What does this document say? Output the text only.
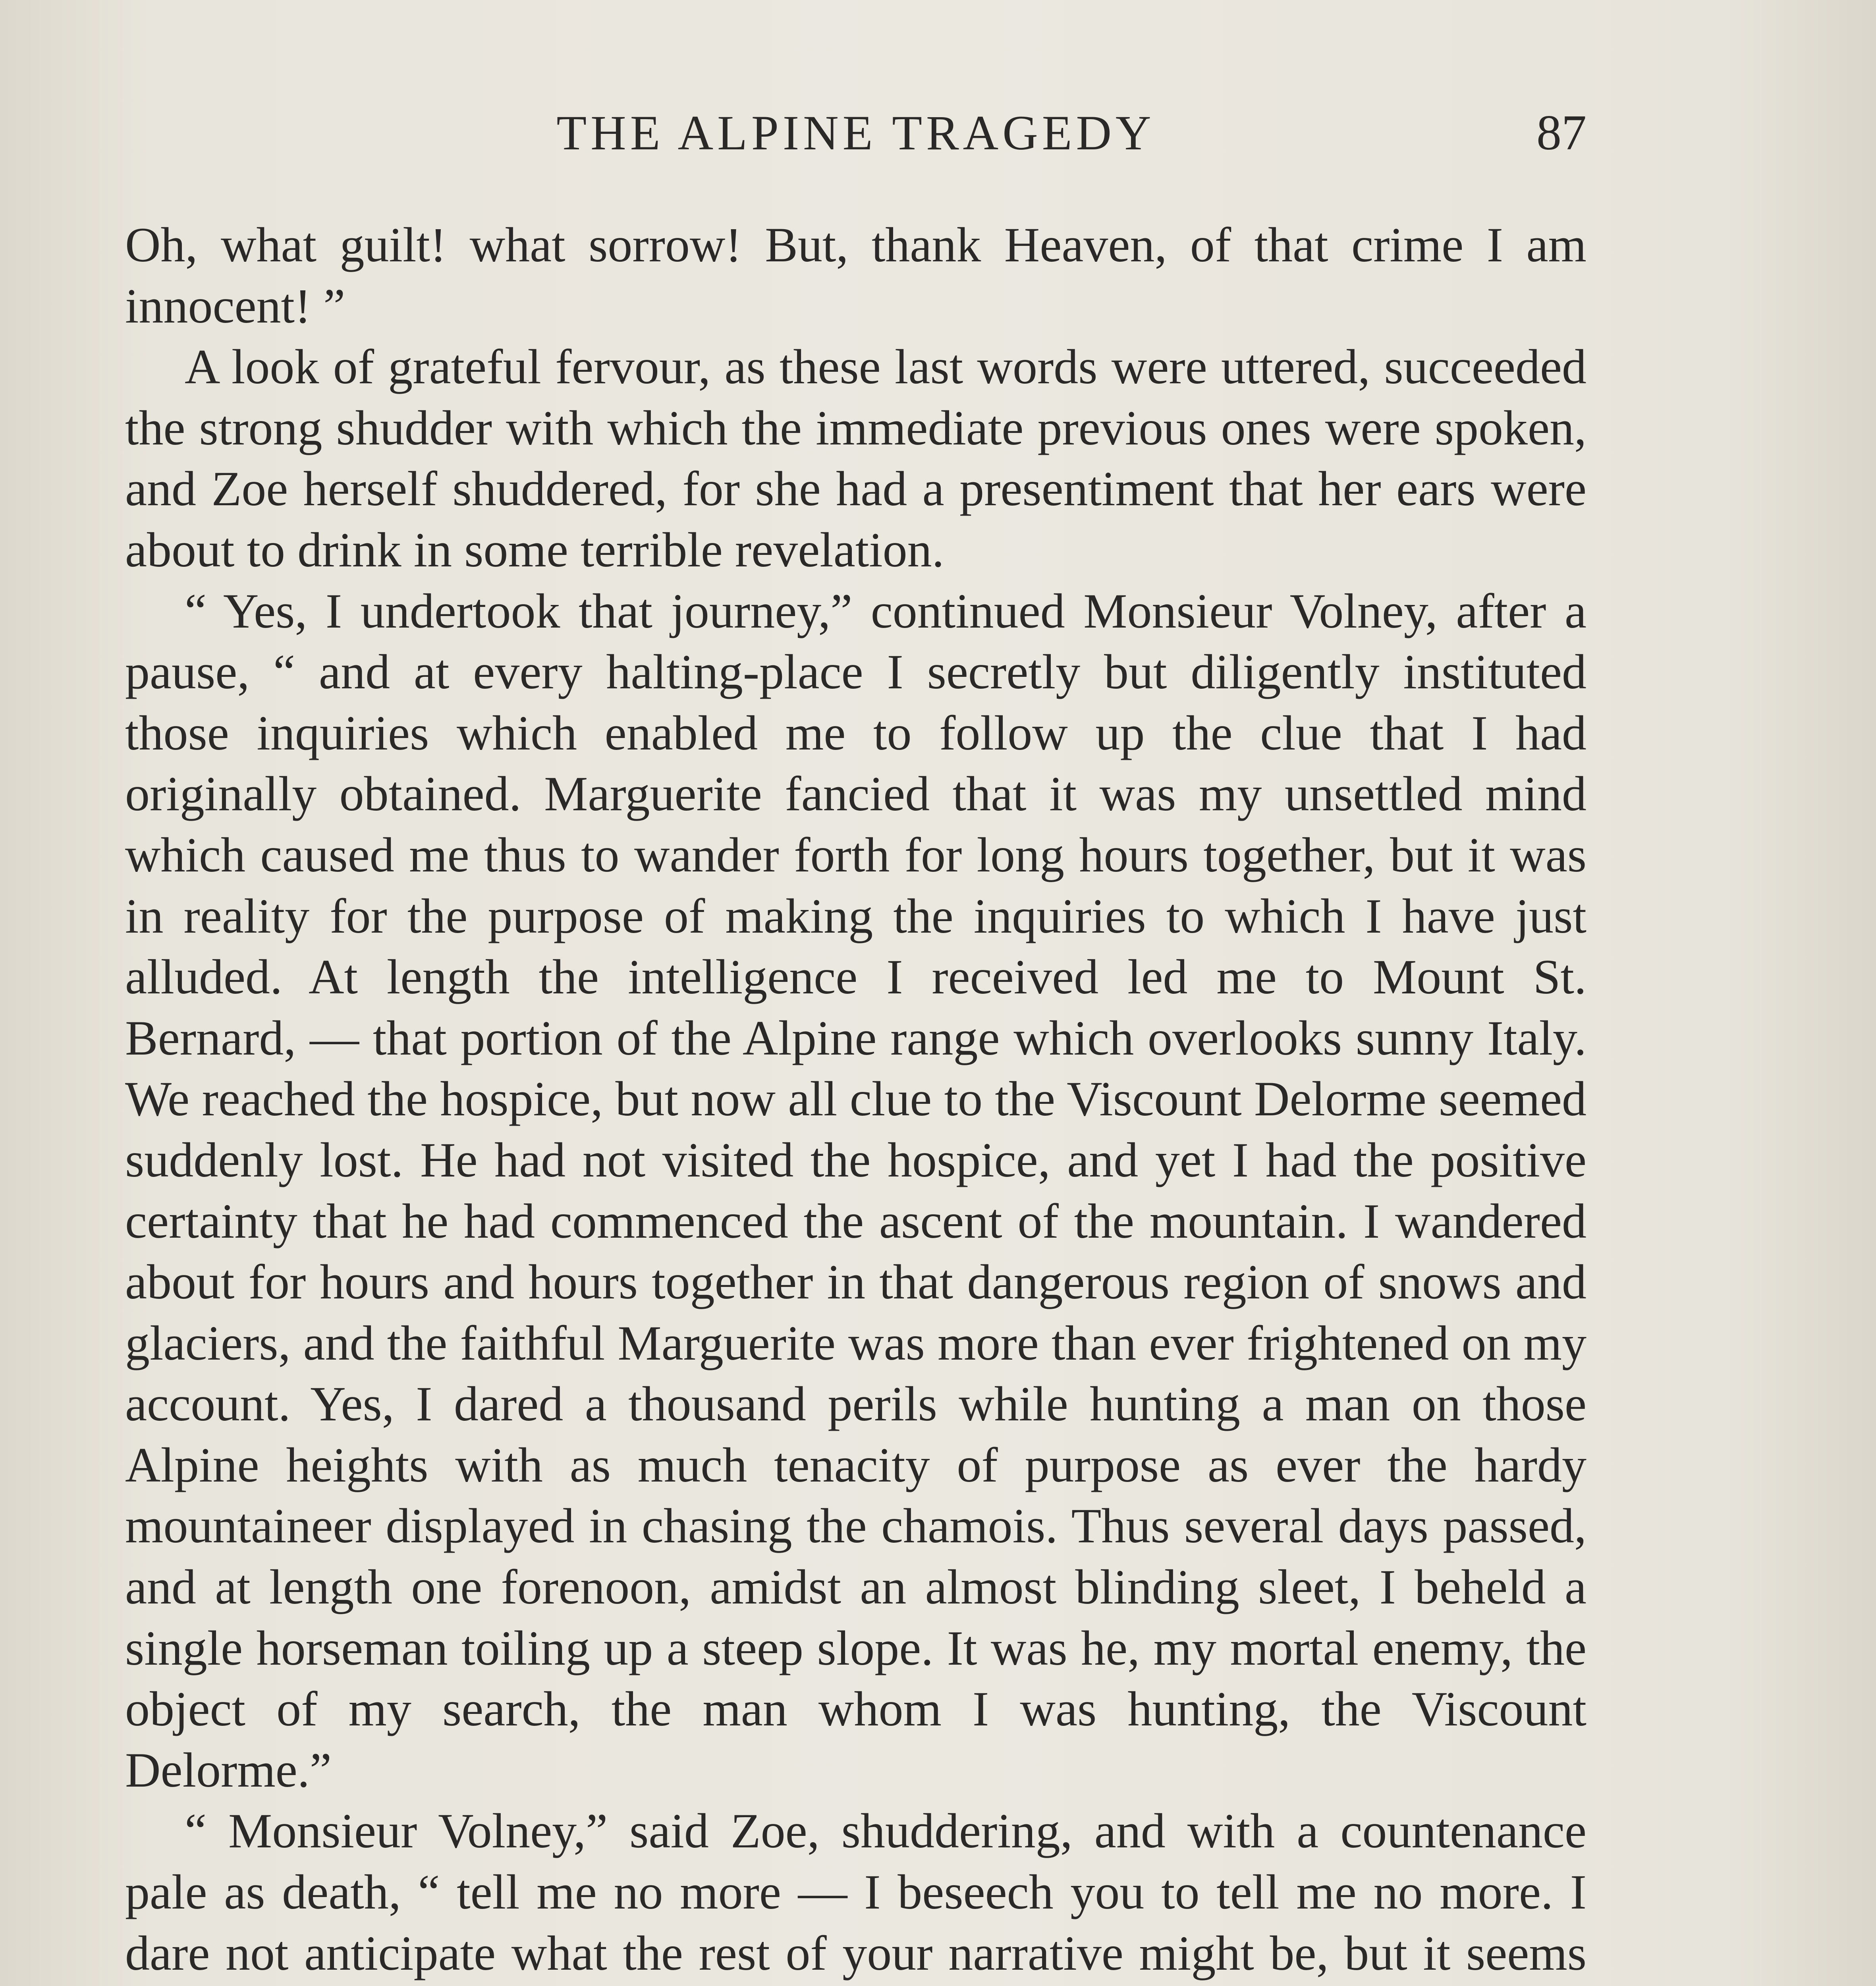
THE ALPINE TRAGEDY	87

Oh, what guilt! what sorrow! But, thank Heaven, of that crime I am innocent! ”

A look of grateful fervour, as these last words were uttered, succeeded the strong shudder with which the immediate previous ones were spoken, and Zoe herself shuddered, for she had a presentiment that her ears were about to drink in some terrible revelation.

“ Yes, I undertook that journey,” continued Monsieur Volney, after a pause, “ and at every halting-place I secretly but diligently instituted those inquiries which enabled me to follow up the clue that I had originally obtained. Marguerite fancied that it was my unsettled mind which caused me thus to wander forth for long hours together, but it was in reality for the purpose of making the inquiries to which I have just alluded. At length the intelligence I received led me to Mount St. Bernard, — that portion of the Alpine range which overlooks sunny Italy. We reached the hospice, but now all clue to the Viscount Delorme seemed suddenly lost. He had not visited the hospice, and yet I had the positive certainty that he had commenced the ascent of the mountain. I wandered about for hours and hours together in that dangerous region of snows and glaciers, and the faithful Marguerite was more than ever frightened on my account. Yes, I dared a thousand perils while hunting a man on those Alpine heights with as much tenacity of purpose as ever the hardy mountaineer displayed in chasing the chamois. Thus several days passed, and at length one forenoon, amidst an almost blinding sleet, I beheld a single horseman toiling up a steep slope. It was he, my mortal enemy, the object of my search, the man whom I was hunting, the Viscount Delorme.”

“ Monsieur Volney,” said Zoe, shuddering, and with a countenance pale as death, “ tell me no more — I beseech you to tell me no more. I dare not anticipate what the rest of your narrative might be, but it seems
